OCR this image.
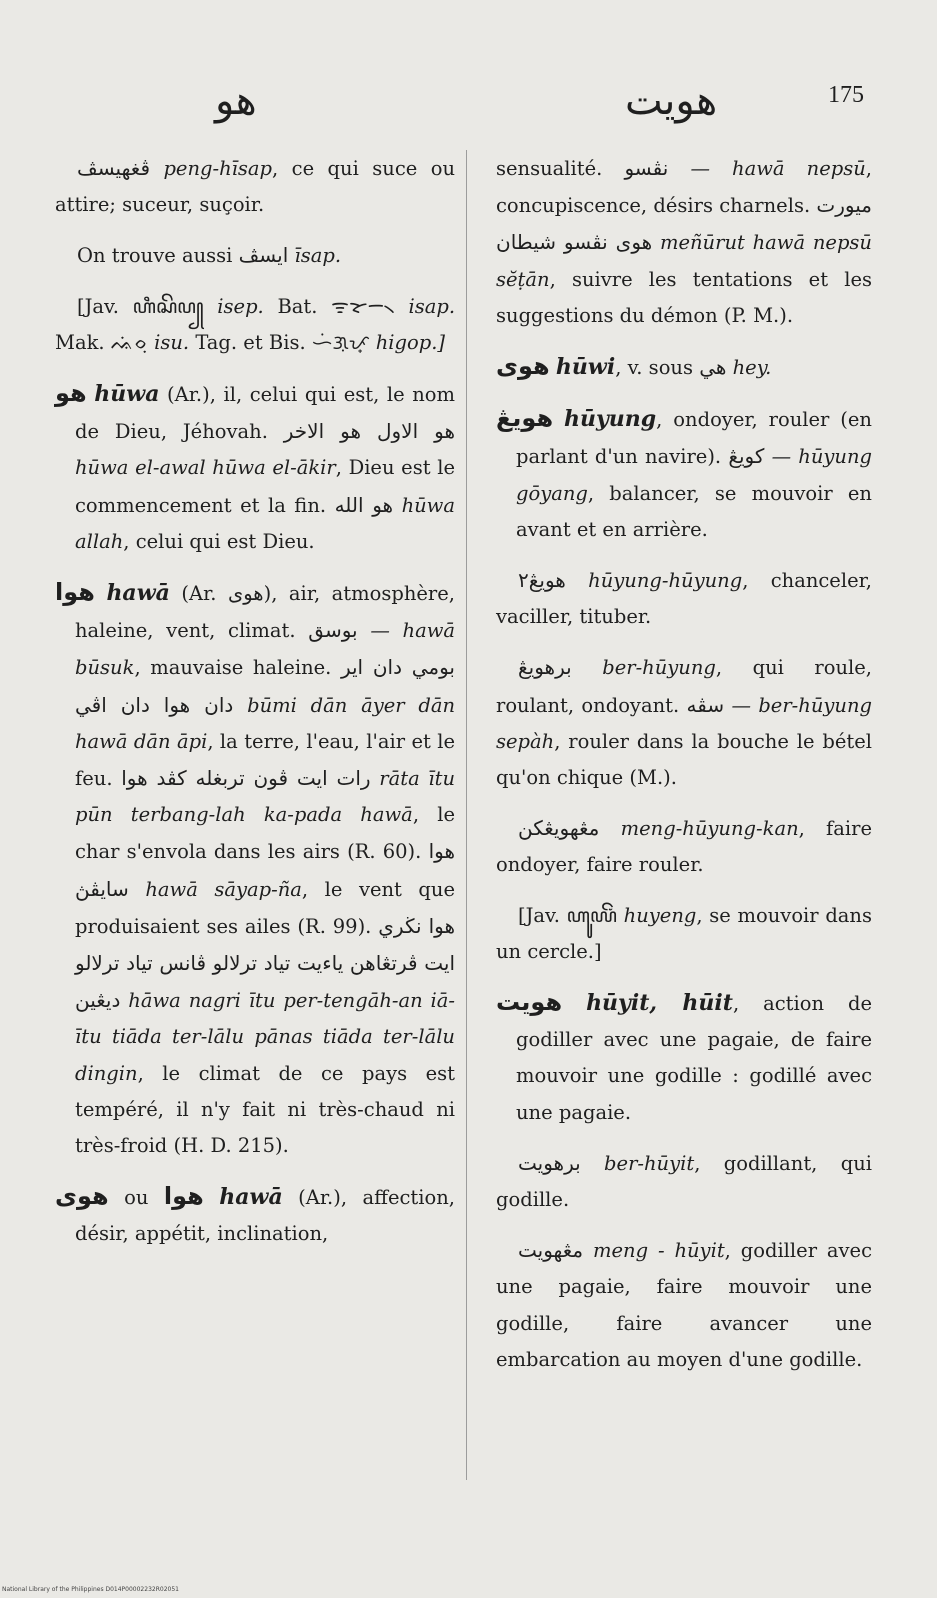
هو	هويت	175

ڤغهيسڤ peng-hīsap, ce qui suce ou attire; suceur, suçoir.

On trouve aussi ايسڤ īsap.

[Jav. ꦲꦶꦱꦼꦥ꧀ isep. Bat. ᯤᯘᯇ᯲ isap. Mak. ᨕᨗᨔᨘ isu. Tag. et Bis. ᜑᜒᜄᜓᜉ᜔ higop.]

هو hūwa (Ar.), il, celui qui est, le nom de Dieu, Jéhovah. هو الاول هو الاخر hūwa el-awal hūwa el-ākir, Dieu est le commencement et la fin. هو الله hūwa allah, celui qui est Dieu.

هوا hawā (Ar. هوى), air, atmosphère, haleine, vent, climat. بوسق — hawā būsuk, mauvaise haleine. بومي دان اير دان هوا دان اڤي būmi dān āyer dān hawā dān āpi, la terre, l'eau, l'air et le feu. رات ايت ڤون تربغله كڤد هوا rāta ītu pūn terbang-lah ka-pada hawā, le char s'envola dans les airs (R. 60). هوا سايڤڽ hawā sāyap-ña, le vent que produisaient ses ailes (R. 99). هوا نڬري ايت ڤرتڠاهن ياءيت تياد ترلالو ڤانس تياد ترلالو ديڠين hāwa nagri ītu per-tengāh-an iā-ītu tiāda ter-lālu pānas tiāda ter-lālu dingin, le climat de ce pays est tempéré, il n'y fait ni très-chaud ni très-froid (H. D. 215).

هوى ou هوا hawā (Ar.), affection, désir, appétit, inclination,

sensualité. نڤسو — hawā nepsū, concupiscence, désirs charnels. ميورت هوى نڤسو شيطان meñūrut hawā nepsū sĕṭān, suivre les tentations et les suggestions du démon (P. M.).

هوى hūwi, v. sous هي hey.

هويڠ hūyung, ondoyer, rouler (en parlant d'un navire). كويڠ — hūyung gōyang, balancer, se mouvoir en avant et en arrière.

هويڠ٢ hūyung-hūyung, chanceler, vaciller, tituber.

برهويڠ ber-hūyung, qui roule, roulant, ondoyant. سڤه — ber-hūyung sepàh, rouler dans la bouche le bétel qu'on chique (M.).

مڠهويڠكن meng-hūyung-kan, faire ondoyer, faire rouler.

[Jav. ꦲꦸꦪꦼꦁ huyeng, se mouvoir dans un cercle.]

هويت hūyit, hūit, action de godiller avec une pagaie, de faire mouvoir une godille : godillé avec une pagaie.

برهويت ber-hūyit, godillant, qui godille.

مڠهويت meng - hūyit, godiller avec une pagaie, faire mouvoir une godille, faire avancer une embarcation au moyen d'une godille.

National Library of the Philippines D014P00002232R02051
